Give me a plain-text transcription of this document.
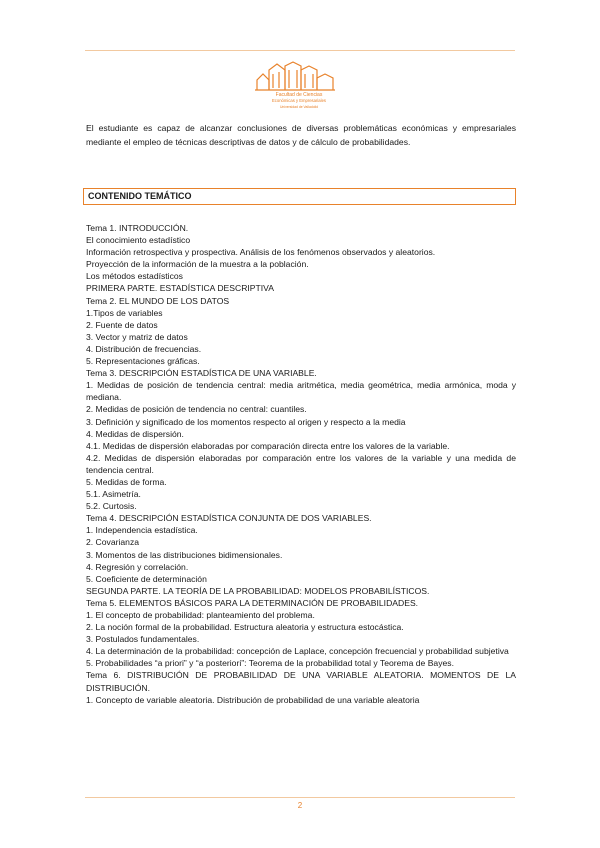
Facultad de Ciencias
Económicas y Empresariales
Universidad de Valladolid

El estudiante es capaz de alcanzar conclusiones de diversas problemáticas económicas y empresariales mediante el empleo de técnicas descriptivas de datos y de cálculo de probabilidades.

CONTENIDO TEMÁTICO

Tema 1. INTRODUCCIÓN.

El conocimiento estadístico

Información retrospectiva y prospectiva. Análisis de los fenómenos observados y aleatorios.

Proyección de la información de la muestra a la población.

Los métodos estadísticos

PRIMERA PARTE. ESTADÍSTICA DESCRIPTIVA

Tema 2. EL MUNDO DE LOS DATOS

1.Tipos de variables

2. Fuente de datos

3. Vector y matriz de datos

4. Distribución de frecuencias.

5. Representaciones gráficas.

Tema 3. DESCRIPCIÓN ESTADÍSTICA DE UNA VARIABLE.

1. Medidas de posición de tendencia central: media aritmética, media geométrica, media armónica, moda y mediana.

2. Medidas de posición de tendencia no central: cuantiles.

3. Definición y significado de los momentos respecto al origen y respecto a la media

4. Medidas de dispersión.

4.1. Medidas de dispersión elaboradas por comparación directa entre los valores de la variable.

4.2. Medidas de dispersión elaboradas por comparación entre los valores de la variable y una medida de tendencia central.

5. Medidas de forma.

5.1. Asimetría.

5.2. Curtosis.

Tema 4. DESCRIPCIÓN ESTADÍSTICA CONJUNTA DE DOS VARIABLES.

1. Independencia estadística.

2. Covarianza

3. Momentos de las distribuciones bidimensionales.

4. Regresión y correlación.

5. Coeficiente de determinación

SEGUNDA PARTE. LA TEORÍA DE LA PROBABILIDAD: MODELOS PROBABILÍSTICOS.

Tema 5. ELEMENTOS BÁSICOS PARA LA DETERMINACIÓN DE PROBABILIDADES.

1. El concepto de probabilidad: planteamiento del problema.

2. La noción formal de la probabilidad. Estructura aleatoria y estructura estocástica.

3. Postulados fundamentales.

4. La determinación de la probabilidad: concepción de Laplace, concepción frecuencial y probabilidad subjetiva

5. Probabilidades “a priori” y “a posteriori”: Teorema de la probabilidad total y Teorema de Bayes.

Tema 6. DISTRIBUCIÓN DE PROBABILIDAD DE UNA VARIABLE ALEATORIA. MOMENTOS DE LA DISTRIBUCIÓN.

1. Concepto de variable aleatoria. Distribución de probabilidad de una variable aleatoria

2
